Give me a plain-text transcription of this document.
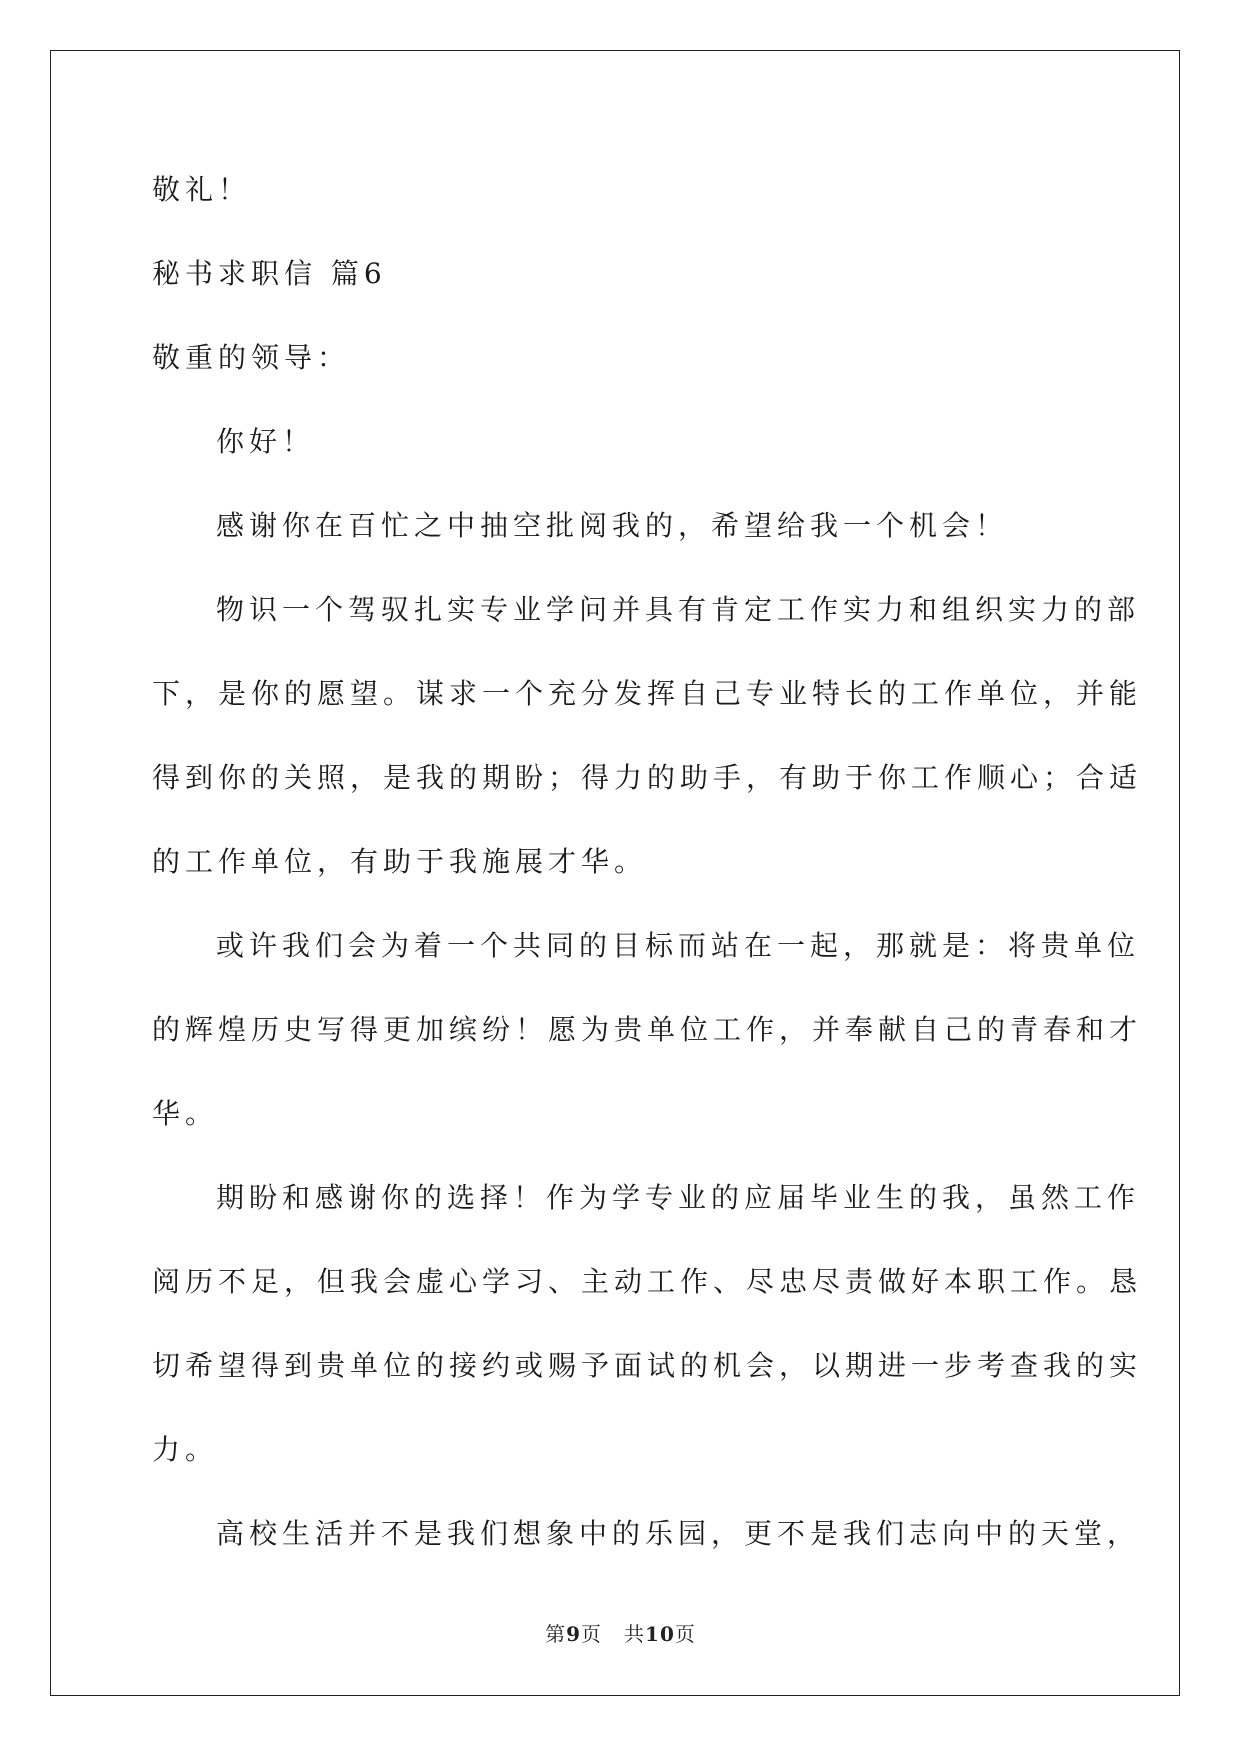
敬礼！
秘书求职信 篇6
敬重的领导：
你好！
感谢你在百忙之中抽空批阅我的，希望给我一个机会！
物识一个驾驭扎实专业学问并具有肯定工作实力和组织实力的部
下，是你的愿望。谋求一个充分发挥自己专业特长的工作单位，并能
得到你的关照，是我的期盼；得力的助手，有助于你工作顺心；合适
的工作单位，有助于我施展才华。
或许我们会为着一个共同的目标而站在一起，那就是：将贵单位
的辉煌历史写得更加缤纷！愿为贵单位工作，并奉献自己的青春和才
华。
期盼和感谢你的选择！作为学专业的应届毕业生的我，虽然工作
阅历不足，但我会虚心学习、主动工作、尽忠尽责做好本职工作。恳
切希望得到贵单位的接约或赐予面试的机会，以期进一步考查我的实
力。
高校生活并不是我们想象中的乐园，更不是我们志向中的天堂，
第9页 共10页
